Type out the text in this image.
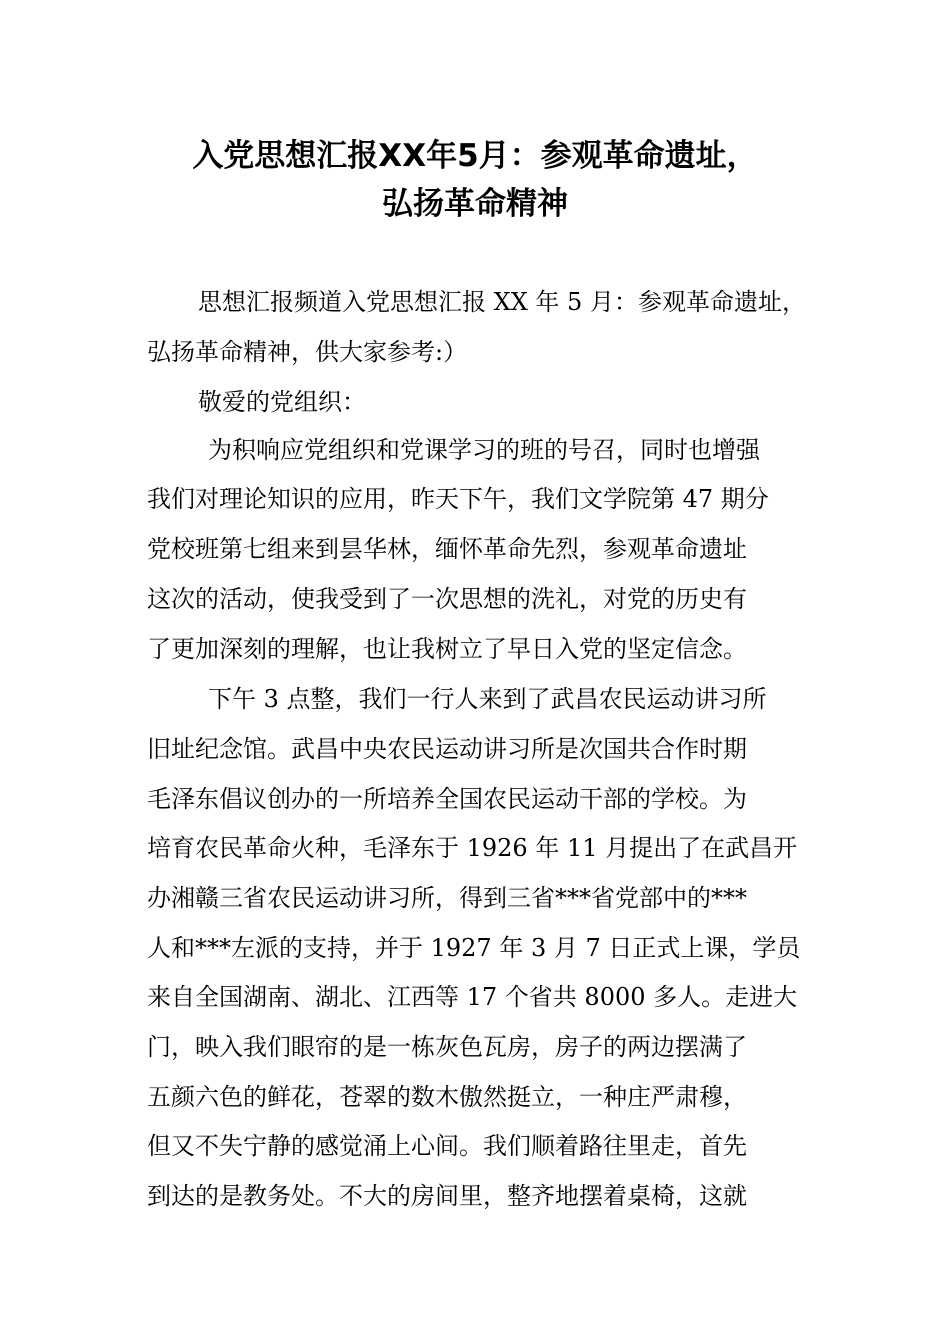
入党思想汇报XX年5月：参观革命遗址，
弘扬革命精神
思想汇报频道入党思想汇报 XX 年 5 月：参观革命遗址，
弘扬革命精神，供大家参考:）
敬爱的党组织：
为积响应党组织和党课学习的班的号召，同时也增强
我们对理论知识的应用，昨天下午，我们文学院第 47 期分
党校班第七组来到昙华林，缅怀革命先烈，参观革命遗址
这次的活动，使我受到了一次思想的洗礼，对党的历史有
了更加深刻的理解，也让我树立了早日入党的坚定信念。
下午 3 点整，我们一行人来到了武昌农民运动讲习所
旧址纪念馆。武昌中央农民运动讲习所是次国共合作时期
毛泽东倡议创办的一所培养全国农民运动干部的学校。为
培育农民革命火种，毛泽东于 1926 年 11 月提出了在武昌开
办湘赣三省农民运动讲习所，得到三省***省党部中的***
人和***左派的支持，并于 1927 年 3 月 7 日正式上课，学员
来自全国湖南、湖北、江西等 17 个省共 8000 多人。走进大
门，映入我们眼帘的是一栋灰色瓦房，房子的两边摆满了
五颜六色的鲜花，苍翠的数木傲然挺立，一种庄严肃穆，
但又不失宁静的感觉涌上心间。我们顺着路往里走，首先
到达的是教务处。不大的房间里，整齐地摆着桌椅，这就
